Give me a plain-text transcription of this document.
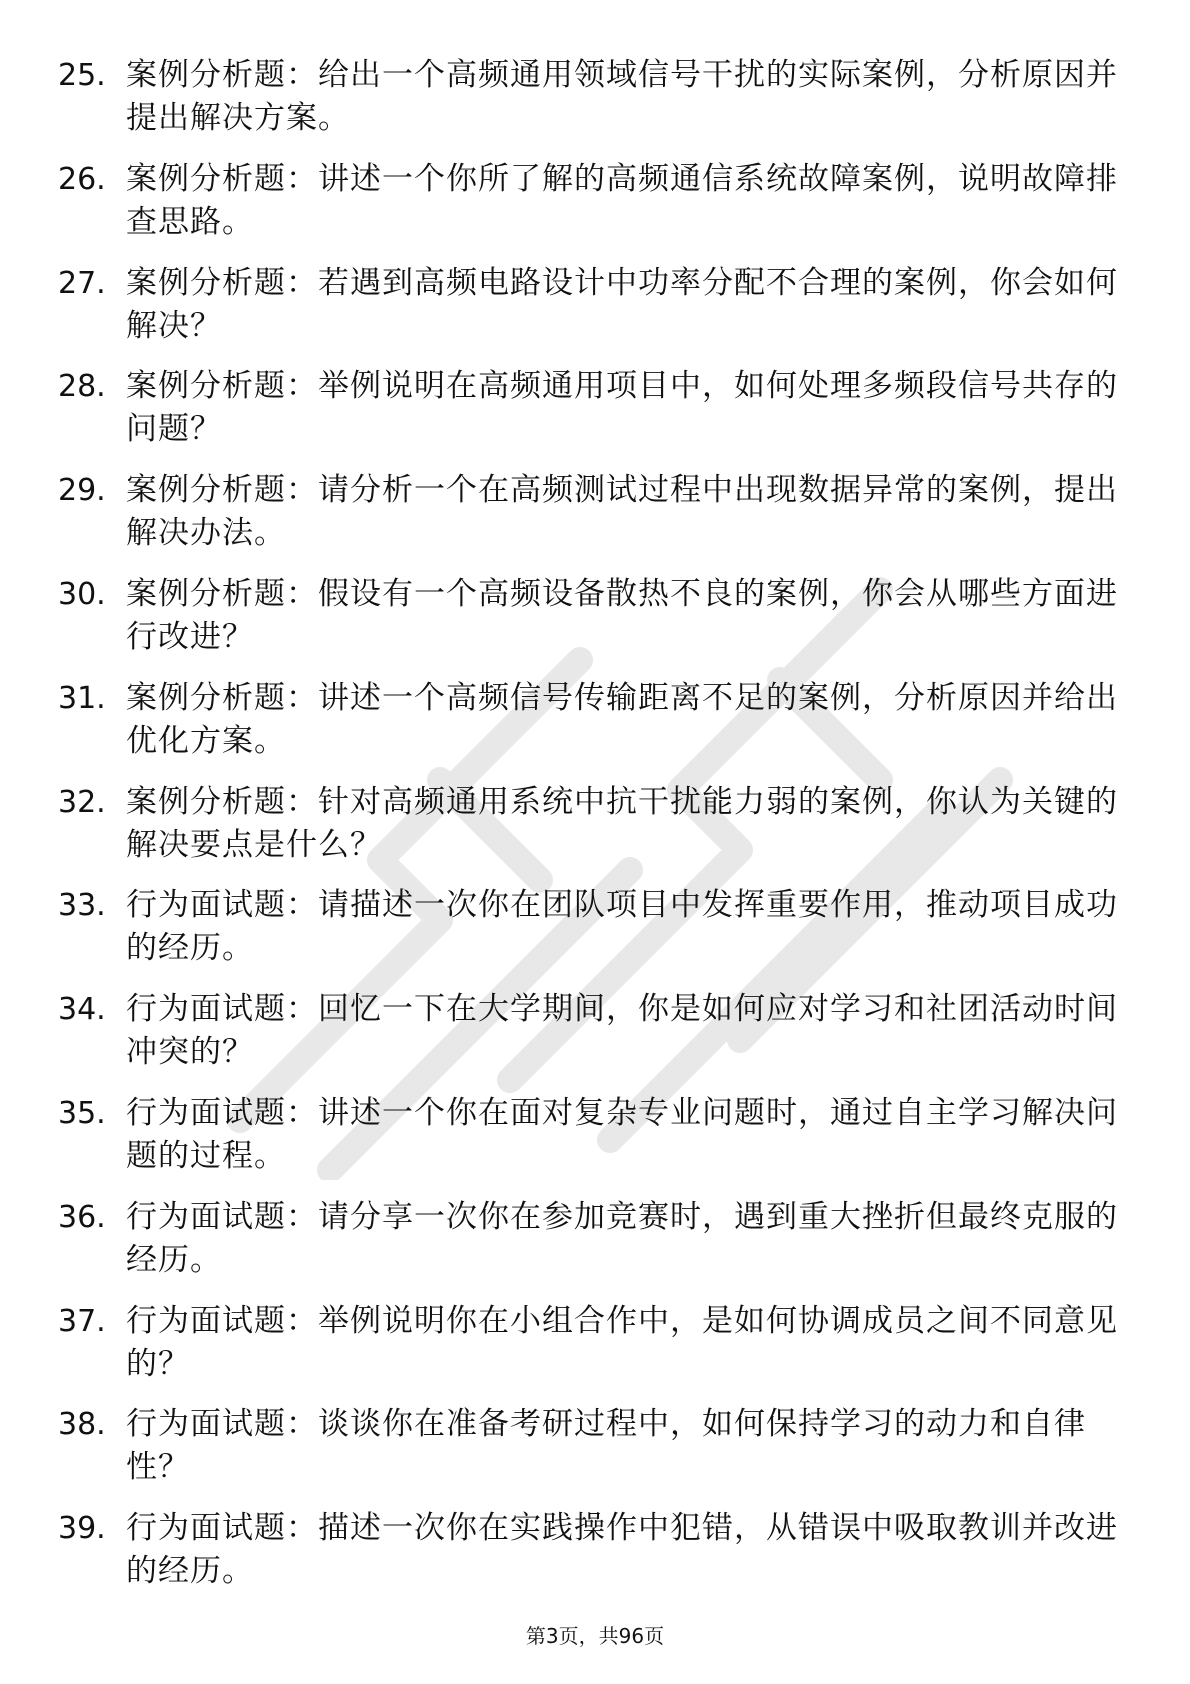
25. 案例分析题：给出一个高频通用领域信号干扰的实际案例，分析原因并提出解决方案。
26. 案例分析题：讲述一个你所了解的高频通信系统故障案例，说明故障排查思路。
27. 案例分析题：若遇到高频电路设计中功率分配不合理的案例，你会如何解决？
28. 案例分析题：举例说明在高频通用项目中，如何处理多频段信号共存的问题？
29. 案例分析题：请分析一个在高频测试过程中出现数据异常的案例，提出解决办法。
30. 案例分析题：假设有一个高频设备散热不良的案例，你会从哪些方面进行改进？
31. 案例分析题：讲述一个高频信号传输距离不足的案例，分析原因并给出优化方案。
32. 案例分析题：针对高频通用系统中抗干扰能力弱的案例，你认为关键的解决要点是什么？
33. 行为面试题：请描述一次你在团队项目中发挥重要作用，推动项目成功的经历。
34. 行为面试题：回忆一下在大学期间，你是如何应对学习和社团活动时间冲突的？
35. 行为面试题：讲述一个你在面对复杂专业问题时，通过自主学习解决问题的过程。
36. 行为面试题：请分享一次你在参加竞赛时，遇到重大挫折但最终克服的经历。
37. 行为面试题：举例说明你在小组合作中，是如何协调成员之间不同意见的？
38. 行为面试题：谈谈你在准备考研过程中，如何保持学习的动力和自律性？
39. 行为面试题：描述一次你在实践操作中犯错，从错误中吸取教训并改进的经历。
第3页，共96页
